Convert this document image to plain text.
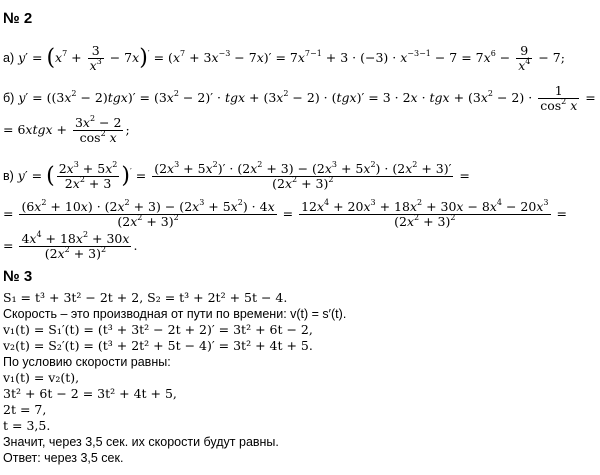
№ 2
а) $y' = (x^7 + \frac{3}{x^3} - 7x)' = (x^7 + 3x^{-3} - 7x)' = 7x^{7-1} + 3 \cdot (-3) \cdot x^{-3-1} - 7 = 7x^6 - \frac{9}{x^4} - 7$;
б) $y' = ((3x^2 - 2)tgx)' = (3x^2 - 2)'$ · tgx + $(3x^2 - 2) \cdot (tgx)' = 3 \cdot 2x$ · tgx + $(3x^2 - 2) \cdot \frac{1}{\cos^2 x}$ =
= 6xtgx + $\frac{3x^2 - 2}{\cos^2 x}$ ;
в) y′ = ( $\frac{2x^3 + 5x^2}{2x^2 + 3} )' = \frac{(2x^3 + 5x^2)' \cdot (2x^2 + 3) - (2x^3 + 5x^2) \cdot (2x^2 + 3)'}{(2x^2 + 3)^2}$ =
= $\frac{(6x^2 + 10x) \cdot (2x^2 + 3) - (2x^3 + 5x^2) \cdot 4x}{(2x^2 + 3)^2} = \frac{12x^4 + 20x^3 + 18x^2 + 30x - 8x^4 - 20x^3}{(2x^2 + 3)^2}$ =
= $\frac{4x^4 + 18x^2 + 30x}{(2x^2 + 3)^2}$ .
№ 3
S₁ = t³ + 3t² − 2t + 2, S₂ = t³ + 2t² + 5t − 4.
Скорость – это производная от пути по времени: v(t) = s′(t).
v₁(t) = S₁′(t) = (t³ + 3t² − 2t + 2)′ = 3t² + 6t − 2,
v₂(t) = S₂′(t) = (t³ + 2t² + 5t − 4)′ = 3t² + 4t + 5.
По условию скорости равны:
v₁(t) = v₂(t),
3t² + 6t − 2 = 3t² + 4t + 5,
2t = 7,
t = 3,5.
Значит, через 3,5 сек. их скорости будут равны.
Ответ: через 3,5 сек.
